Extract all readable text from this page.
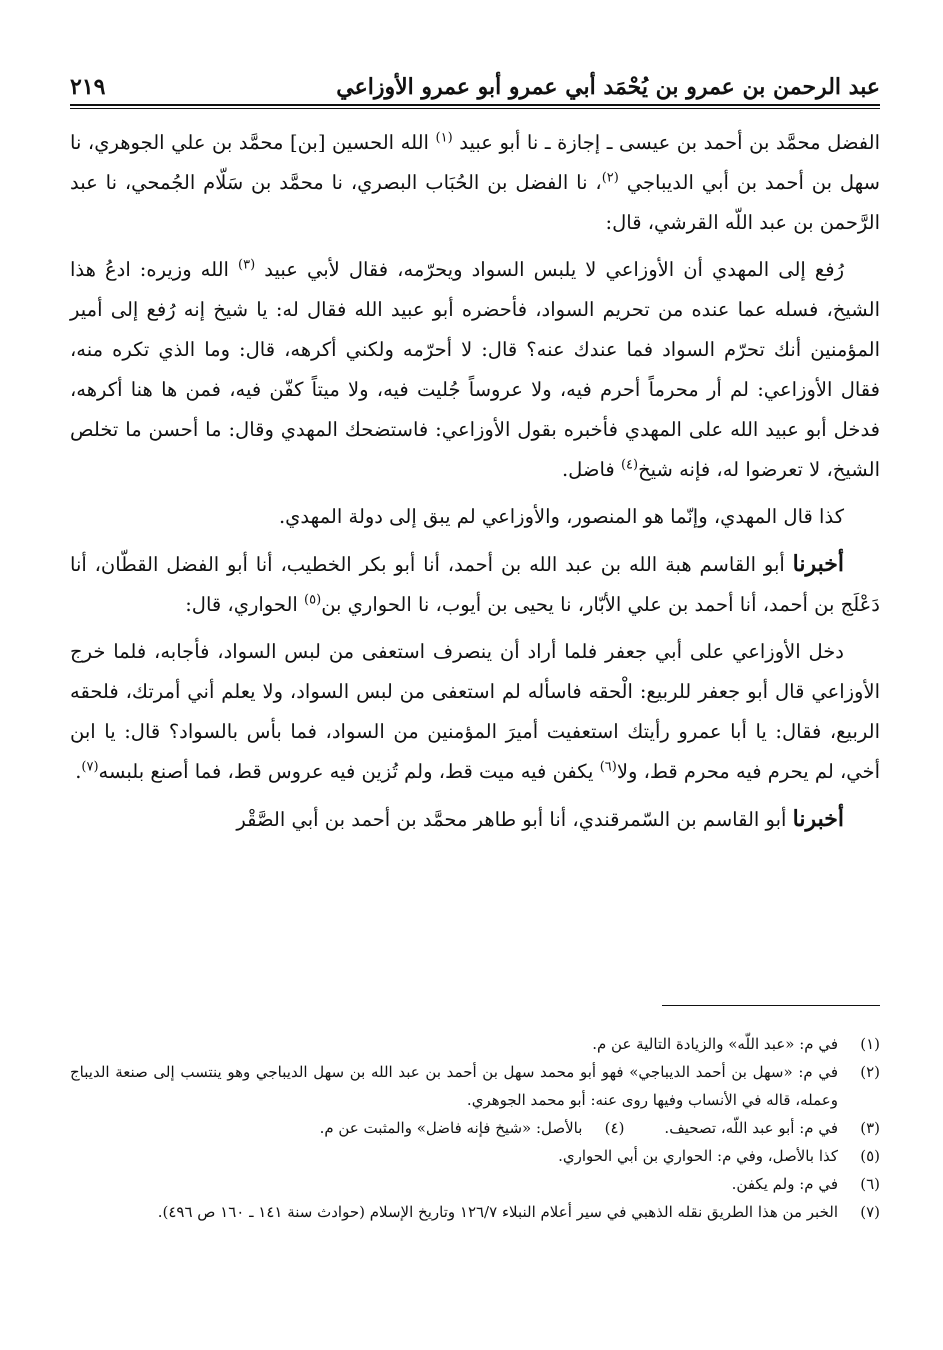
عبد الرحمن بن عمرو بن يُحْمَد أبي عمرو أبو عمرو الأوزاعي
٢١٩

الفضل محمَّد بن أحمد بن عيسى ـ إجازة ـ نا أبو عبيد $^{(١)}$ الله الحسين [بن] محمَّد بن علي الجوهري، نا سهل بن أحمد بن أبي الديباجي $^{(٢)}$، نا الفضل بن الحُبَاب البصري، نا محمَّد بن سَلّام الجُمحي، نا عبد الرَّحمن بن عبد اللّه القرشي، قال:

رُفع إلى المهدي أن الأوزاعي لا يلبس السواد ويحرّمه، فقال لأبي عبيد $^{(٣)}$ الله وزيره: ادعُ هذا الشيخ، فسله عما عنده من تحريم السواد، فأحضره أبو عبيد الله فقال له: يا شيخ إنه رُفع إلى أمير المؤمنين أنك تحرّم السواد فما عندك عنه؟ قال: لا أحرّمه ولكني أكرهه، قال: وما الذي تكره منه، فقال الأوزاعي: لم أر محرماً أحرم فيه، ولا عروساً جُليت فيه، ولا ميتاً كفّن فيه، فمن ها هنا أكرهه، فدخل أبو عبيد الله على المهدي فأخبره بقول الأوزاعي: فاستضحك المهدي وقال: ما أحسن ما تخلص الشيخ، لا تعرضوا له، فإنه شيخ$^{(٤)}$ فاضل.

كذا قال المهدي، وإنّما هو المنصور، والأوزاعي لم يبق إلى دولة المهدي.

أخبرنا أبو القاسم هبة الله بن عبد الله بن أحمد، أنا أبو بكر الخطيب، أنا أبو الفضل القطّان، أنا دَعْلَج بن أحمد، أنا أحمد بن علي الأبّار، نا يحيى بن أيوب، نا الحواري بن$^{(٥)}$ الحواري، قال:

دخل الأوزاعي على أبي جعفر فلما أراد أن ينصرف استعفى من لبس السواد، فأجابه، فلما خرج الأوزاعي قال أبو جعفر للربيع: الْحقه فاسأله لم استعفى من لبس السواد، ولا يعلم أني أمرتك، فلحقه الربيع، فقال: يا أبا عمرو رأيتك استعفيت أميرَ المؤمنين من السواد، فما بأس بالسواد؟ قال: يا ابن أخي، لم يحرم فيه محرم قط، ولا$^{(٦)}$ يكفن فيه ميت قط، ولم تُزين فيه عروس قط، فما أصنع بلبسه$^{(٧)}$.

أخبرنا أبو القاسم بن السّمرقندي، أنا أبو طاهر محمَّد بن أحمد بن أبي الصَّقْر

(١)
في م: «عبد اللّه» والزيادة التالية عن م.
(٢)
في م: «سهل بن أحمد الديباجي» فهو أبو محمد سهل بن أحمد بن عبد الله بن سهل الديباجي وهو ينتسب إلى صنعة الديباج وعمله، قاله في الأنساب وفيها روى عنه: أبو محمد الجوهري.
(٣)
في م: أبو عبد اللّه، تصحيف.
(٤)
بالأصل: «شيخ فإنه فاضل» والمثبت عن م.
(٥)
كذا بالأصل، وفي م: الحواري بن أبي الحواري.
(٦)
في م: ولم يكفن.
(٧)
الخبر من هذا الطريق نقله الذهبي في سير أعلام النبلاء ١٢٦/٧ وتاريخ الإسلام (حوادث سنة ١٤١ ـ ١٦٠ ص ٤٩٦).
